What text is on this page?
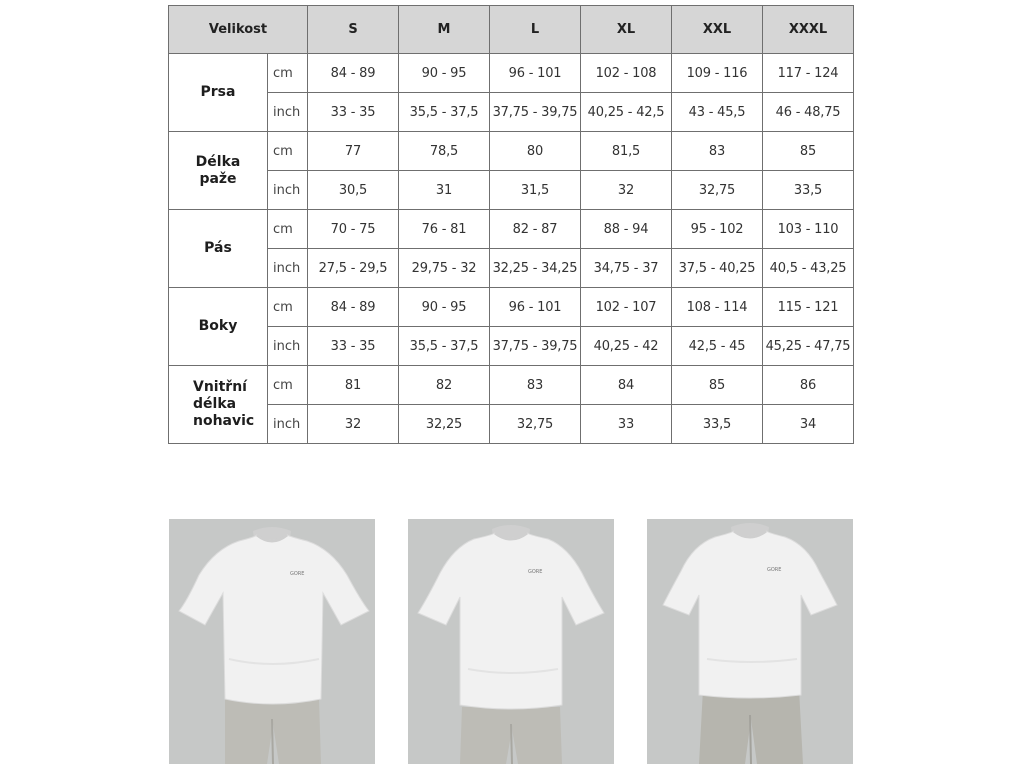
Velikost		S	M	L	XL	XXL	XXXL
Prsa	cm	84 - 89	90 - 95	96 - 101	102 - 108	109 - 116	117 - 124
	inch	33 - 35	35,5 - 37,5	37,75 - 39,75	40,25 - 42,5	43 - 45,5	46 - 48,75
Délka
paže	cm	77	78,5	80	81,5	83	85
	inch	30,5	31	31,5	32	32,75	33,5
Pás	cm	70 - 75	76 - 81	82 - 87	88 - 94	95 - 102	103 - 110
	inch	27,5 - 29,5	29,75 - 32	32,25 - 34,25	34,75 - 37	37,5 - 40,25	40,5 - 43,25
Boky	cm	84 - 89	90 - 95	96 - 101	102 - 107	108 - 114	115 - 121
	inch	33 - 35	35,5 - 37,5	37,75 - 39,75	40,25 - 42	42,5 - 45	45,25 - 47,75
Vnitřní
délka
nohavic	cm	81	82	83	84	85	86
	inch	32	32,25	32,75	33	33,5	34
GORE	GORE	GORE
